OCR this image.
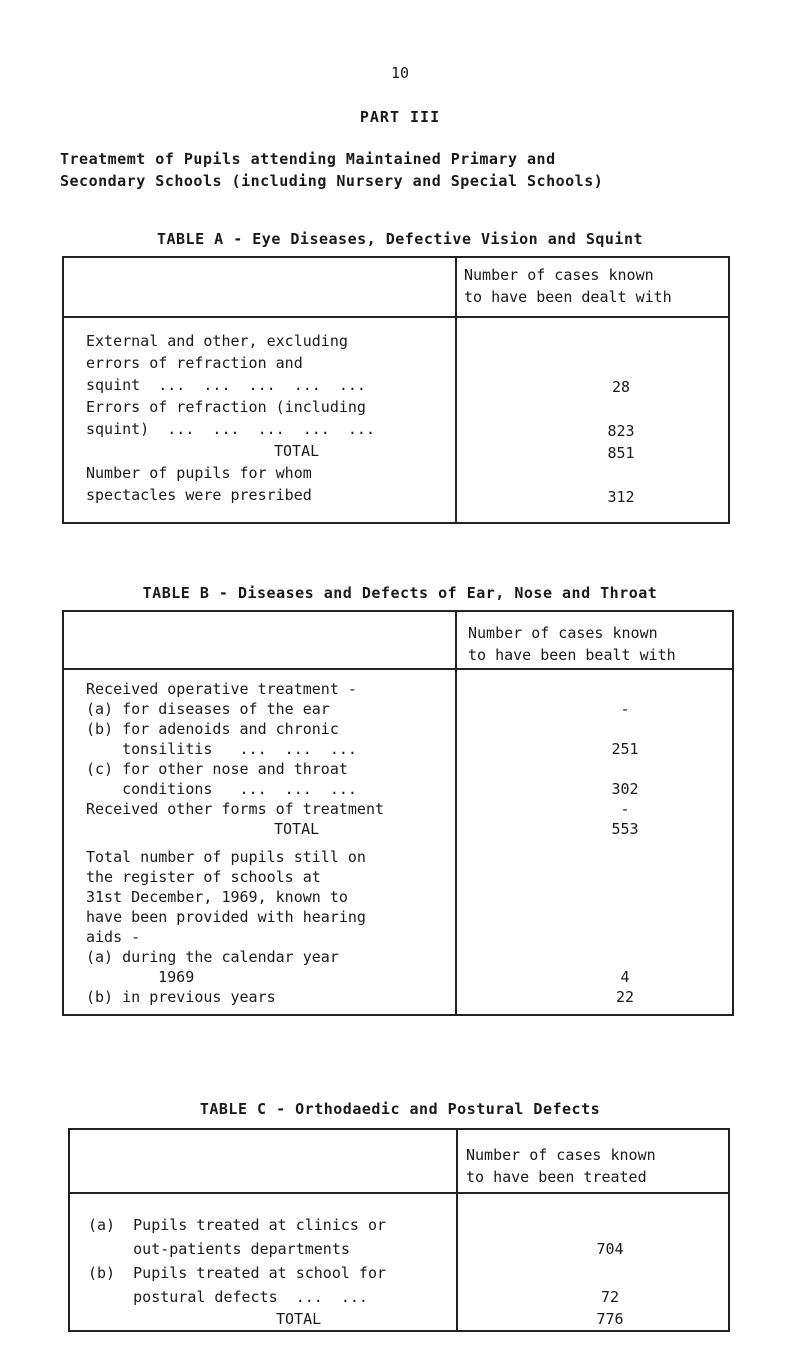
10
PART III
Treatmemt of Pupils attending Maintained Primary and
Secondary Schools (including Nursery and Special Schools)
TABLE A - Eye Diseases, Defective Vision and Squint
Number of cases known
to have been dealt with
External and other, excluding
errors of refraction and
squint  ...  ...  ...  ...  ...
Errors of refraction (including
squint)  ...  ...  ...  ...  ...
TOTAL
Number of pupils for whom
spectacles were presribed
28
823
851
312
TABLE B - Diseases and Defects of Ear, Nose and Throat
Number of cases known
to have been bealt with
Received operative treatment -
(a) for diseases of the ear
(b) for adenoids and chronic
tonsilitis   ...  ...  ...
(c) for other nose and throat
conditions   ...  ...  ...
Received other forms of treatment
TOTAL
Total number of pupils still on
the register of schools at
31st December, 1969, known to
have been provided with hearing
aids -
(a) during the calendar year
-
251
302
-
553
1969
(b) in previous years
4
22
TABLE C - Orthodaedic and Postural Defects
Number of cases known
to have been treated
(a)  Pupils treated at clinics or
out-patients departments
(b)  Pupils treated at school for
postural defects  ...  ...
TOTAL
704
72
776
